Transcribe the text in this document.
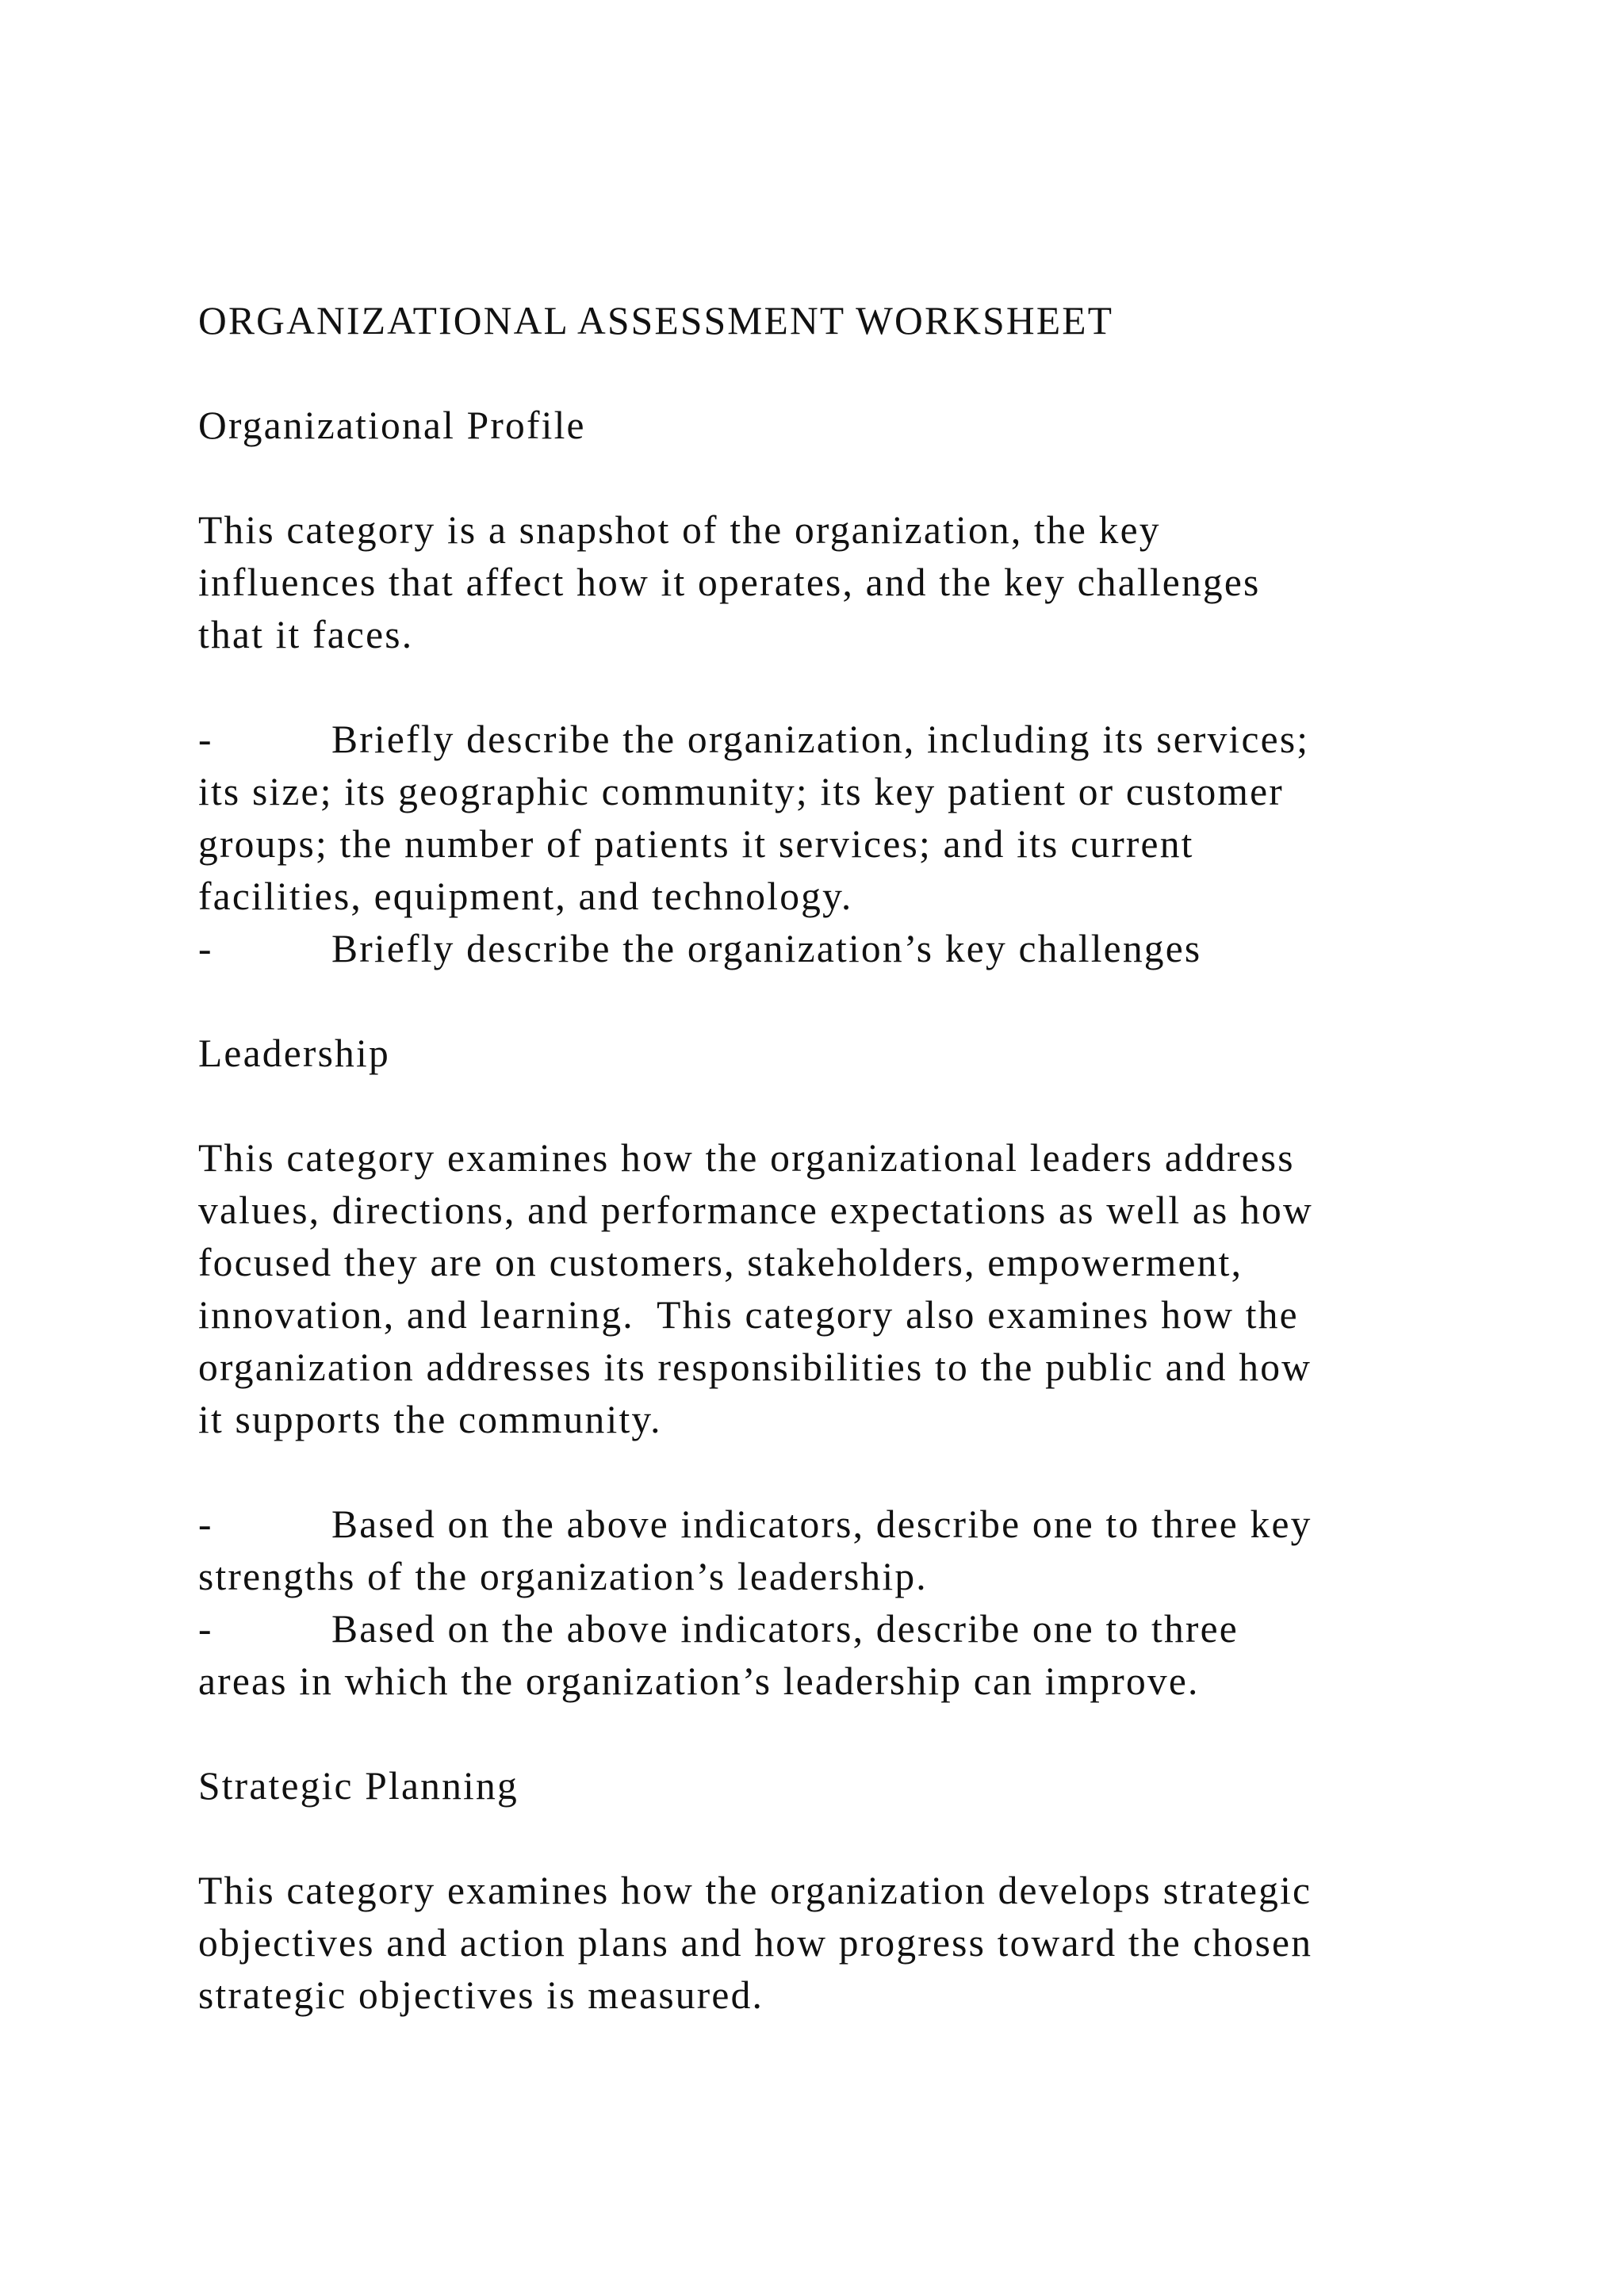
ORGANIZATIONAL ASSESSMENT WORKSHEET
Organizational Profile
This category is a snapshot of the organization, the key
influences that affect how it operates, and the key challenges
that it faces.
-	Briefly describe the organization, including its services;
its size; its geographic community; its key patient or customer
groups; the number of patients it services; and its current
facilities, equipment, and technology.
-	Briefly describe the organization’s key challenges
Leadership
This category examines how the organizational leaders address
values, directions, and performance expectations as well as how
focused they are on customers, stakeholders, empowerment,
innovation, and learning.  This category also examines how the
organization addresses its responsibilities to the public and how
it supports the community.
-	Based on the above indicators, describe one to three key
strengths of the organization’s leadership.
-	Based on the above indicators, describe one to three
areas in which the organization’s leadership can improve.
Strategic Planning
This category examines how the organization develops strategic
objectives and action plans and how progress toward the chosen
strategic objectives is measured.
